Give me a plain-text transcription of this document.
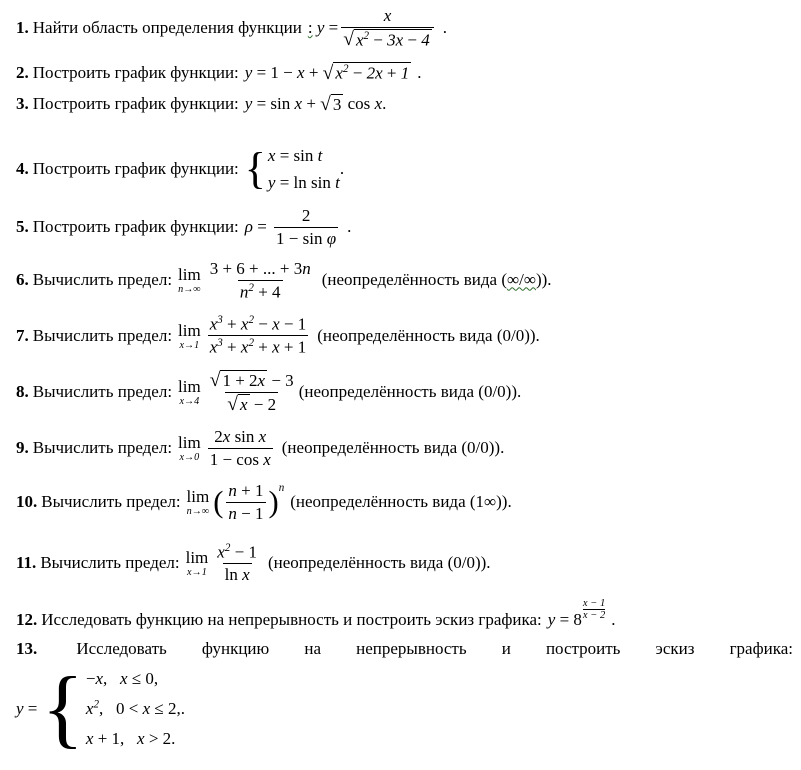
1. Найти область определения функции : $y = \frac{x}{√ x^2 - 3x - 4}$ .
2. Построить график функции: y = 1 − x + √ $x^2 - 2x + 1$ .
3. Построить график функции: y = sin x + √ 3 cos x .
4. Построить график функции: { x = sin t
y = ln sin t
.
5. Построить график функции: $\rho = \frac{2}{\text{1 − sin φ}}$ .
6. Вычислить предел: lim
$n\to\infty \frac{3 + 6 + ... + 3n}{n^2 + 4}$ (неопределённость вида (∞/∞)).
7. Вычислить предел: lim
$x\to 1 \frac{x^3 + x^2 - x - 1}{x^3 + x^2 + x + 1}$ (неопределённость вида (0/0)).
8. Вычислить предел: lim
$x\to 4 \frac{√ 1 + 2x - 3}{√ x - 2}$ (неопределённость вида (0/0)).
9. Вычислить предел: lim
$x\to 0 \frac{\text{2x sin x}}{\text{1 − cos x}}$ (неопределённость вида (0/0)).
10. Вычислить предел: lim
n→∞ ( $\frac{n + 1}{n - 1} )^n$
(неопределённость вида (1∞)).
11. Вычислить предел: lim
$x\to 1 \frac{x^2 - 1}{\text{ln x}}$ (неопределённость вида (0/0)).
12. Исследовать функцию на непрерывность и построить эскиз графика: y = 8
x − 1
x − 2 .
13. Исследовать функцию на непрерывность и построить эскиз графика:
y = { −x,   x ≤ 0,
$x^2$,   0 < x ≤ 2,
x + 1,   x > 2.
.
